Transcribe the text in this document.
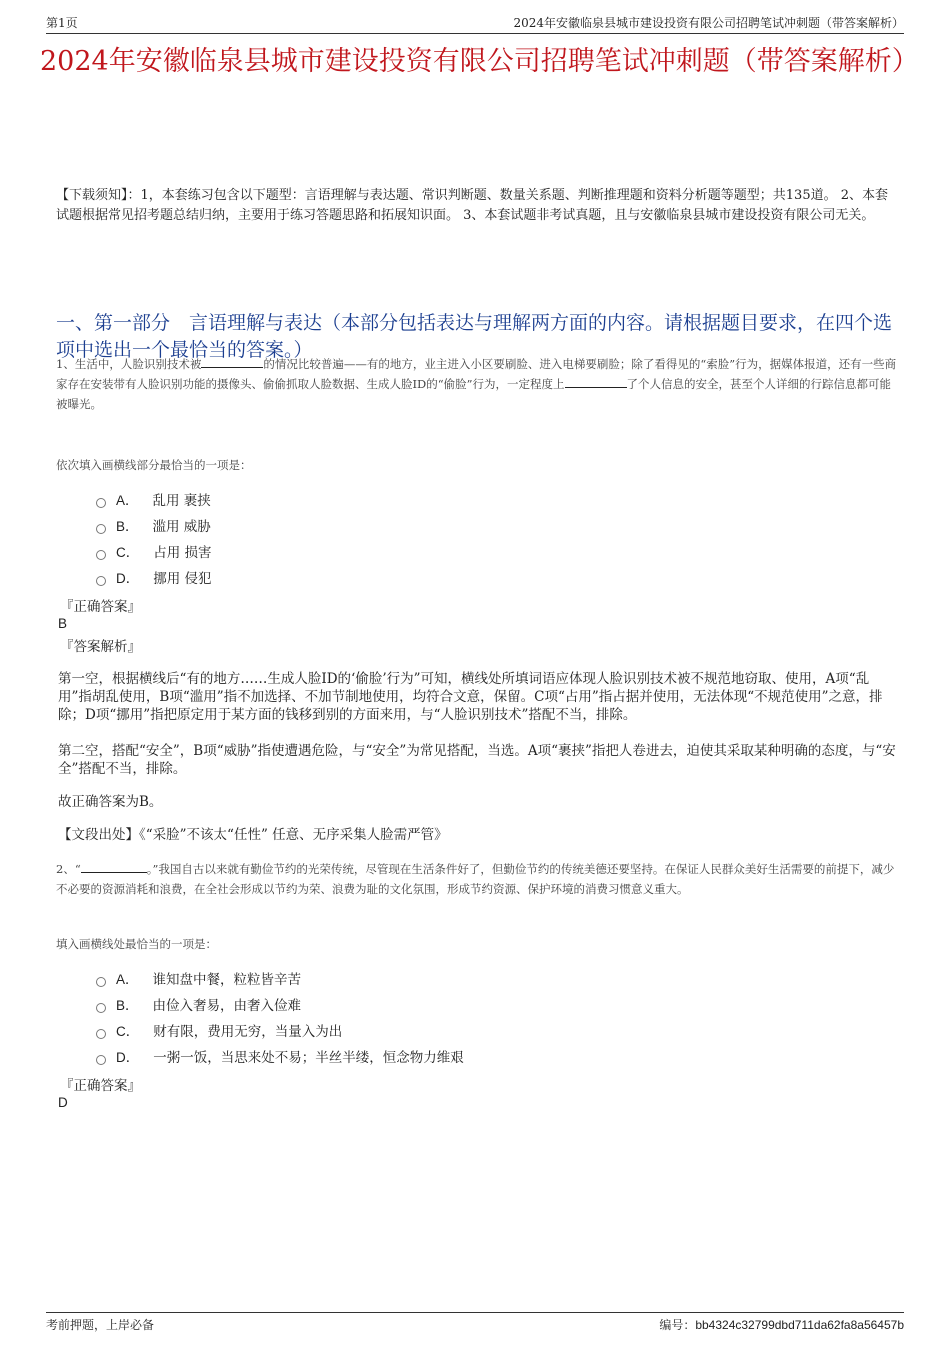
第1页	2024年安徽临泉县城市建设投资有限公司招聘笔试冲刺题（带答案解析）
2024年安徽临泉县城市建设投资有限公司招聘笔试冲刺题（带答案解析）

【下载须知】：1，本套练习包含以下题型：言语理解与表达题、常识判断题、数量关系题、判断推理题和资料分析题等题型；共135道。 2、本套试题根据常见招考题总结归纳，主要用于练习答题思路和拓展知识面。 3、本套试题非考试真题，且与安徽临泉县城市建设投资有限公司无关。

一、第一部分　言语理解与表达（本部分包括表达与理解两方面的内容。请根据题目要求，在四个选项中选出一个最恰当的答案。）

1、生活中，人脸识别技术被	的情况比较普遍——有的地方，业主进入小区要刷脸、进入电梯要刷脸；除了看得见的“索脸”行为，据媒体报道，还有一些商家存在安装带有人脸识别功能的摄像头、偷偷抓取人脸数据、生成人脸ID的“偷脸”行为，一定程度上	了个人信息的安全，甚至个人详细的行踪信息都可能被曝光。

依次填入画横线部分最恰当的一项是：

A． 乱用 裹挟
B． 滥用 威胁
C． 占用 损害
D． 挪用 侵犯
『正确答案』
B
『答案解析』

第一空，根据横线后“有的地方……生成人脸ID的‘偷脸’行为”可知，横线处所填词语应体现人脸识别技术被不规范地窃取、使用，A项“乱用”指胡乱使用，B项“滥用”指不加选择、不加节制地使用，均符合文意，保留。C项“占用”指占据并使用，无法体现“不规范使用”之意，排除；D项“挪用”指把原定用于某方面的钱移到别的方面来用，与“人脸识别技术”搭配不当，排除。

第二空，搭配“安全”，B项“威胁”指使遭遇危险，与“安全”为常见搭配，当选。A项“裹挟”指把人卷进去，迫使其采取某种明确的态度，与“安全”搭配不当，排除。

故正确答案为B。

【文段出处】《“采脸”不该太“任性” 任意、无序采集人脸需严管》

2、“	。”我国自古以来就有勤俭节约的光荣传统，尽管现在生活条件好了，但勤俭节约的传统美德还要坚持。在保证人民群众美好生活需要的前提下，减少不必要的资源消耗和浪费，在全社会形成以节约为荣、浪费为耻的文化氛围，形成节约资源、保护环境的消费习惯意义重大。

填入画横线处最恰当的一项是：

A． 谁知盘中餐，粒粒皆辛苦
B． 由俭入奢易，由奢入俭难
C． 财有限，费用无穷，当量入为出
D． 一粥一饭，当思来处不易；半丝半缕，恒念物力维艰
『正确答案』
D
考前押题，上岸必备	编号：bb4324c32799dbd711da62fa8a56457b
